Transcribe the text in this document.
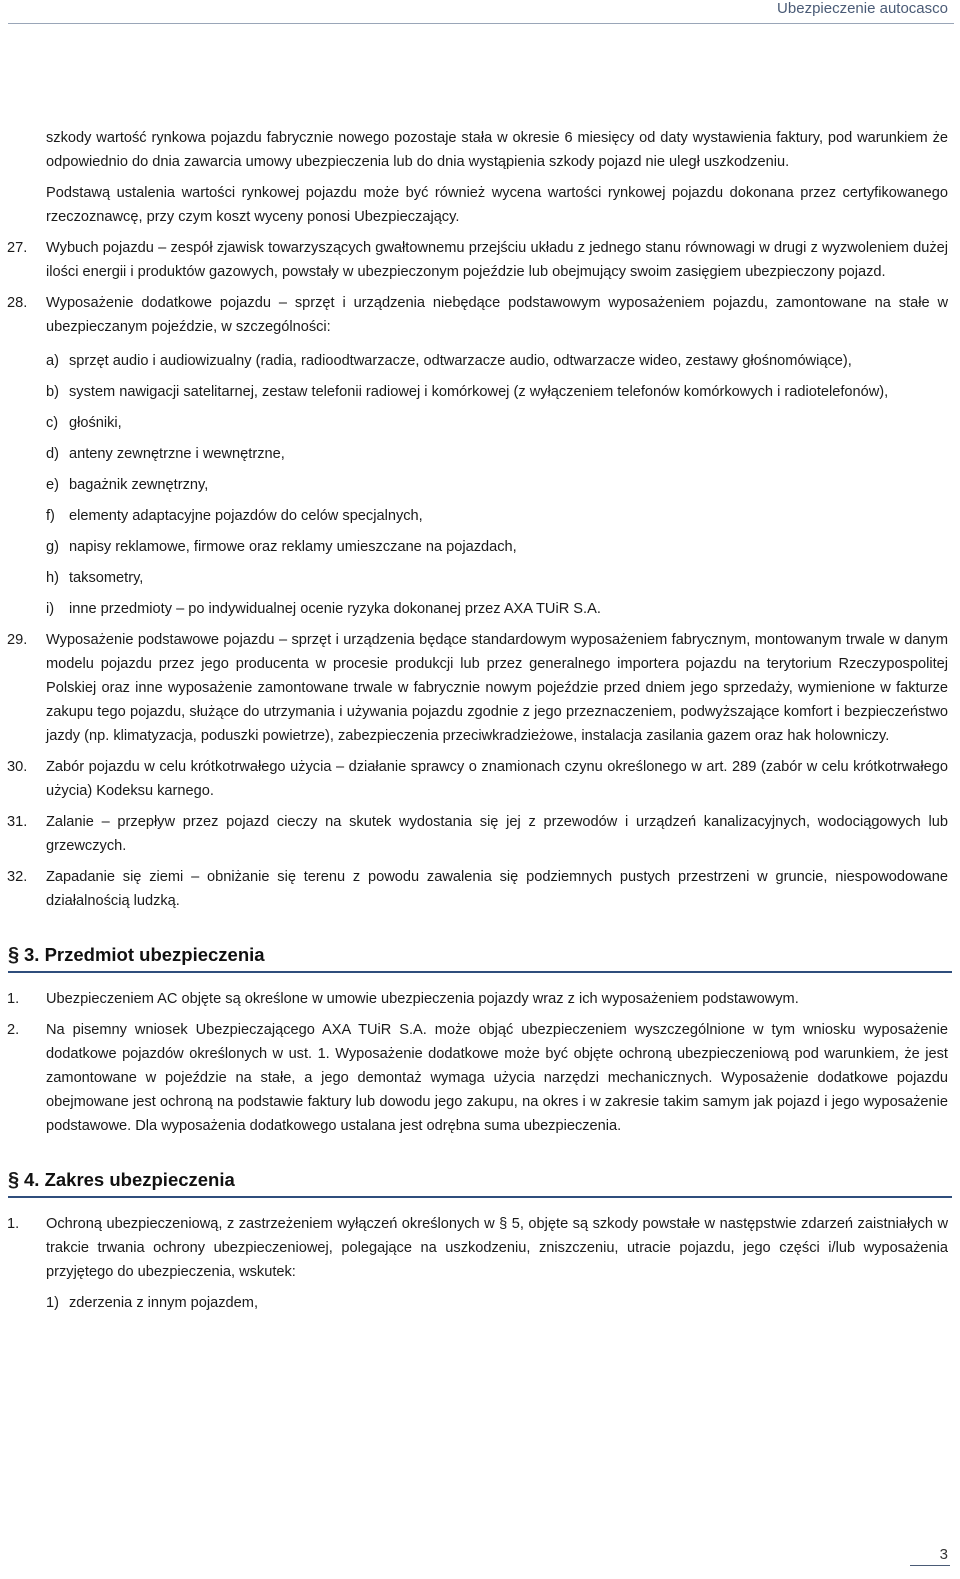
Ubezpieczenie autocasco

szkody wartość rynkowa pojazdu fabrycznie nowego pozostaje stała w okresie 6 miesięcy od daty wystawienia faktury, pod warunkiem że odpowiednio do dnia zawarcia umowy ubezpieczenia lub do dnia wystąpienia szkody pojazd nie uległ uszkodzeniu.

Podstawą ustalenia wartości rynkowej pojazdu może być również wycena wartości rynkowej pojazdu dokonana przez certyfikowanego rzeczoznawcę, przy czym koszt wyceny ponosi Ubezpieczający.

27. Wybuch pojazdu – zespół zjawisk towarzyszących gwałtownemu przejściu układu z jednego stanu równowagi w drugi z wyzwoleniem dużej ilości energii i produktów gazowych, powstały w ubezpieczonym pojeździe lub obejmujący swoim zasięgiem ubezpieczony pojazd.
28. Wyposażenie dodatkowe pojazdu – sprzęt i urządzenia niebędące podstawowym wyposażeniem pojazdu, zamontowane na stałe w ubezpieczanym pojeździe, w szczególności:
a) sprzęt audio i audiowizualny (radia, radioodtwarzacze, odtwarzacze audio, odtwarzacze wideo, zestawy głośnomówiące),
b) system nawigacji satelitarnej, zestaw telefonii radiowej i komórkowej (z wyłączeniem telefonów komórkowych i radiotelefonów),
c) głośniki,
d) anteny zewnętrzne i wewnętrzne,
e) bagażnik zewnętrzny,
f) elementy adaptacyjne pojazdów do celów specjalnych,
g) napisy reklamowe, firmowe oraz reklamy umieszczane na pojazdach,
h) taksometry,
i) inne przedmioty – po indywidualnej ocenie ryzyka dokonanej przez AXA TUiR S.A.
29. Wyposażenie podstawowe pojazdu – sprzęt i urządzenia będące standardowym wyposażeniem fabrycznym, montowanym trwale w danym modelu pojazdu przez jego producenta w procesie produkcji lub przez generalnego importera pojazdu na terytorium Rzeczypospolitej Polskiej oraz inne wyposażenie zamontowane trwale w fabrycznie nowym pojeździe przed dniem jego sprzedaży, wymienione w fakturze zakupu tego pojazdu, służące do utrzymania i używania pojazdu zgodnie z jego przeznaczeniem, podwyższające komfort i bezpieczeństwo jazdy (np. klimatyzacja, poduszki powietrze), zabezpieczenia przeciwkradzieżowe, instalacja zasilania gazem oraz hak holowniczy.
30. Zabór pojazdu w celu krótkotrwałego użycia – działanie sprawcy o znamionach czynu określonego w art. 289 (zabór w celu krótkotrwałego użycia) Kodeksu karnego.
31. Zalanie – przepływ przez pojazd cieczy na skutek wydostania się jej z przewodów i urządzeń kanalizacyjnych, wodociągowych lub grzewczych.
32. Zapadanie się ziemi – obniżanie się terenu z powodu zawalenia się podziemnych pustych przestrzeni w gruncie, niespowodowane działalnością ludzką.
§ 3. Przedmiot ubezpieczenia
1. Ubezpieczeniem AC objęte są określone w umowie ubezpieczenia pojazdy wraz z ich wyposażeniem podstawowym.
2. Na pisemny wniosek Ubezpieczającego AXA TUiR S.A. może objąć ubezpieczeniem wyszczególnione w tym wniosku wyposażenie dodatkowe pojazdów określonych w ust. 1. Wyposażenie dodatkowe może być objęte ochroną ubezpieczeniową pod warunkiem, że jest zamontowane w pojeździe na stałe, a jego demontaż wymaga użycia narzędzi mechanicznych. Wyposażenie dodatkowe pojazdu obejmowane jest ochroną na podstawie faktury lub dowodu jego zakupu, na okres i w zakresie takim samym jak pojazd i jego wyposażenie podstawowe. Dla wyposażenia dodatkowego ustalana jest odrębna suma ubezpieczenia.
§ 4. Zakres ubezpieczenia
1. Ochroną ubezpieczeniową, z zastrzeżeniem wyłączeń określonych w § 5, objęte są szkody powstałe w następstwie zdarzeń zaistniałych w trakcie trwania ochrony ubezpieczeniowej, polegające na uszkodzeniu, zniszczeniu, utracie pojazdu, jego części i/lub wyposażenia przyjętego do ubezpieczenia, wskutek:
1) zderzenia z innym pojazdem,
3
